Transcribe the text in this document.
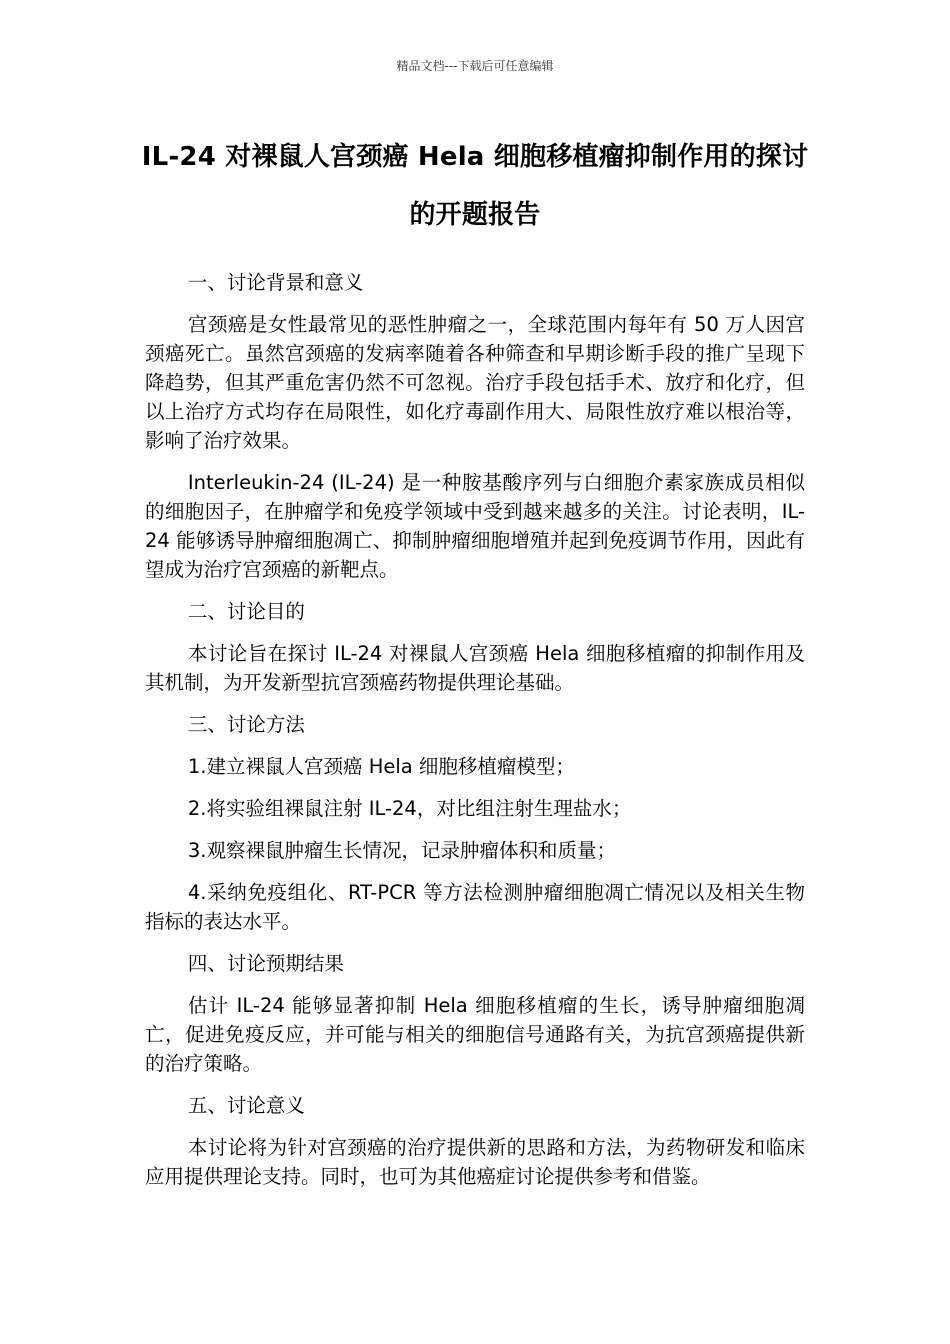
精品文档---下载后可任意编辑
IL-24 对裸鼠人宫颈癌 Hela 细胞移植瘤抑制作用的探讨的开题报告

一、讨论背景和意义

宫颈癌是女性最常见的恶性肿瘤之一，全球范围内每年有 50 万人因宫颈癌死亡。虽然宫颈癌的发病率随着各种筛查和早期诊断手段的推广呈现下降趋势，但其严重危害仍然不可忽视。治疗手段包括手术、放疗和化疗，但以上治疗方式均存在局限性，如化疗毒副作用大、局限性放疗难以根治等，影响了治疗效果。

Interleukin-24 (IL-24) 是一种胺基酸序列与白细胞介素家族成员相似的细胞因子，在肿瘤学和免疫学领域中受到越来越多的关注。讨论表明，IL-24 能够诱导肿瘤细胞凋亡、抑制肿瘤细胞增殖并起到免疫调节作用，因此有望成为治疗宫颈癌的新靶点。

二、讨论目的

本讨论旨在探讨 IL-24 对裸鼠人宫颈癌 Hela 细胞移植瘤的抑制作用及其机制，为开发新型抗宫颈癌药物提供理论基础。

三、讨论方法

1.建立裸鼠人宫颈癌 Hela 细胞移植瘤模型；

2.将实验组裸鼠注射 IL-24，对比组注射生理盐水；

3.观察裸鼠肿瘤生长情况，记录肿瘤体积和质量；

4.采纳免疫组化、RT-PCR 等方法检测肿瘤细胞凋亡情况以及相关生物指标的表达水平。

四、讨论预期结果

估计 IL-24 能够显著抑制 Hela 细胞移植瘤的生长，诱导肿瘤细胞凋亡，促进免疫反应，并可能与相关的细胞信号通路有关，为抗宫颈癌提供新的治疗策略。

五、讨论意义

本讨论将为针对宫颈癌的治疗提供新的思路和方法，为药物研发和临床应用提供理论支持。同时，也可为其他癌症讨论提供参考和借鉴。
